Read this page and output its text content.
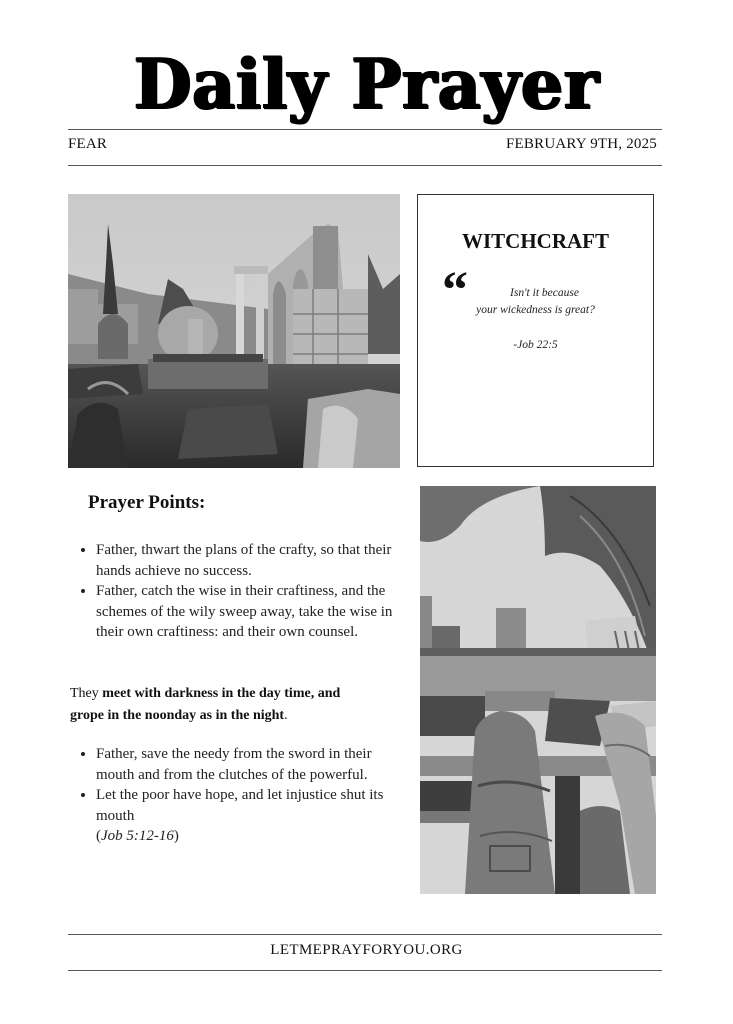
Daily Prayer
FEAR	FEBRUARY 9TH, 2025
WITCHCRAFT
“	Isn't it because
your wickedness is great?
-Job 22:5
Prayer Points:
• Father, thwart the plans of the crafty, so that their hands achieve no success.
• Father, catch the wise in their craftiness, and the schemes of the wily sweep away, take the wise in their own craftiness: and their own counsel.
They meet with darkness in the day time, and grope in the noonday as in the night.
• Father, save the needy from the sword in their mouth and from the clutches of the powerful.
• Let the poor have hope, and let injustice shut its mouth
(Job 5:12-16)
LETMEPRAYFORYOU.ORG
